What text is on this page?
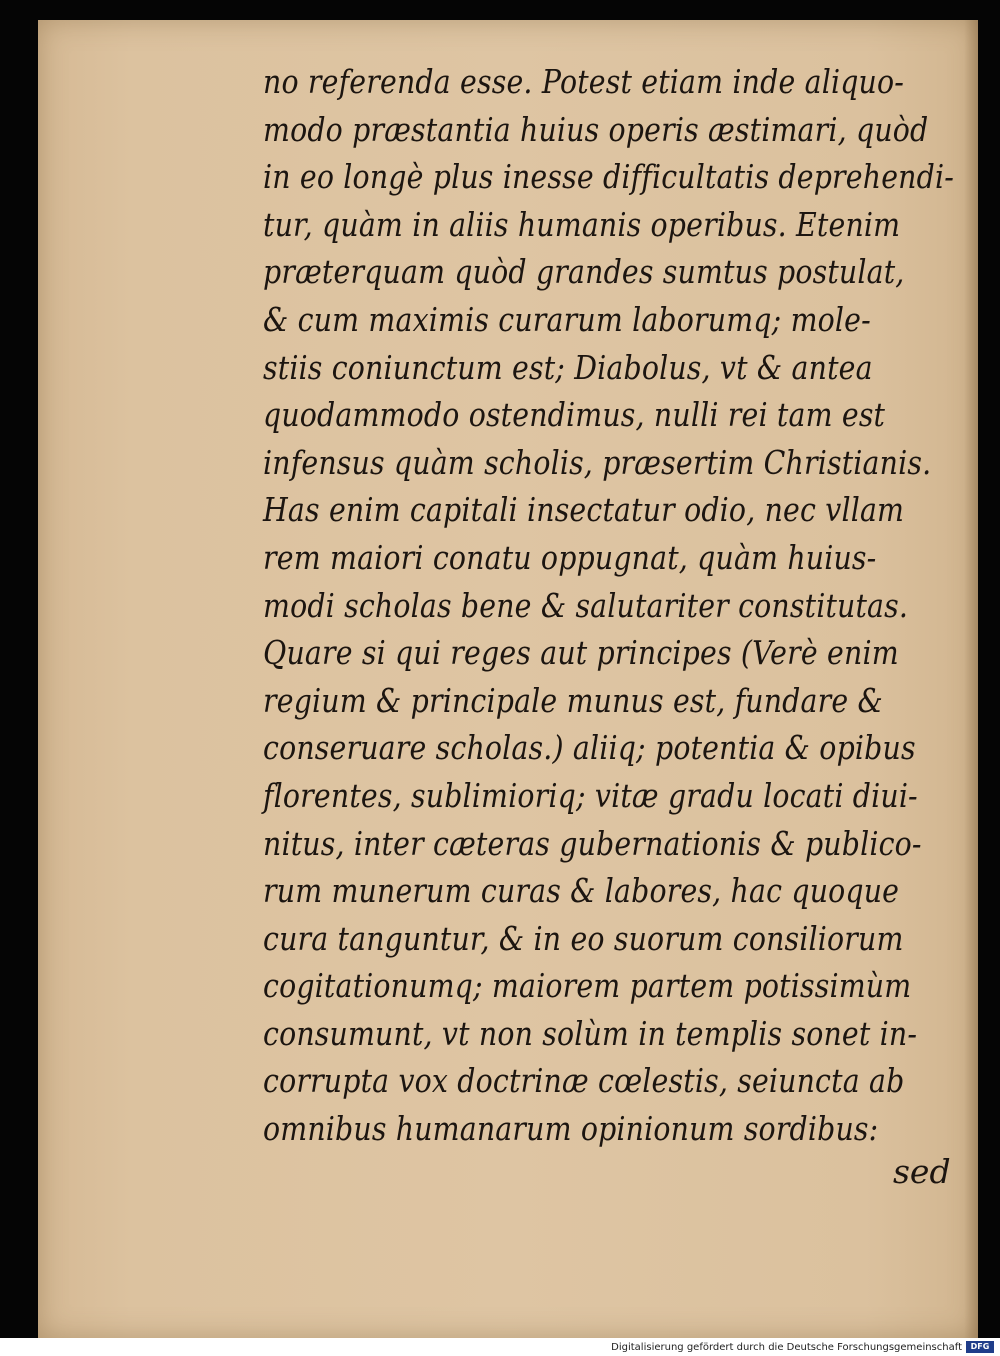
no referenda esse. Potest etiam inde aliquo-
modo præstantia huius operis æstimari, quòd
in eo longè plus inesse difficultatis deprehendi-
tur, quàm in aliis humanis operibus. Etenim
præterquam quòd grandes sumtus postulat,
& cum maximis curarum laborumq; mole-
stiis coniunctum est; Diabolus, vt & antea
quodammodo ostendimus, nulli rei tam est
infensus quàm scholis, præsertim Christianis.
Has enim capitali insectatur odio, nec vllam
rem maiori conatu oppugnat, quàm huius-
modi scholas bene & salutariter constitutas.
Quare si qui reges aut principes (Verè enim
regium & principale munus est, fundare &
conseruare scholas.) aliiq; potentia & opibus
florentes, sublimioriq; vitæ gradu locati diui-
nitus, inter cæteras gubernationis & publico-
rum munerum curas & labores, hac quoque
cura tanguntur, & in eo suorum consiliorum
cogitationumq; maiorem partem potissimùm
consumunt, vt non solùm in templis sonet in-
corrupta vox doctrinæ cœlestis, seiuncta ab
omnibus humanarum opinionum sordibus:
sed
Digitalisierung gefördert durch die Deutsche Forschungsgemeinschaft	DFG
